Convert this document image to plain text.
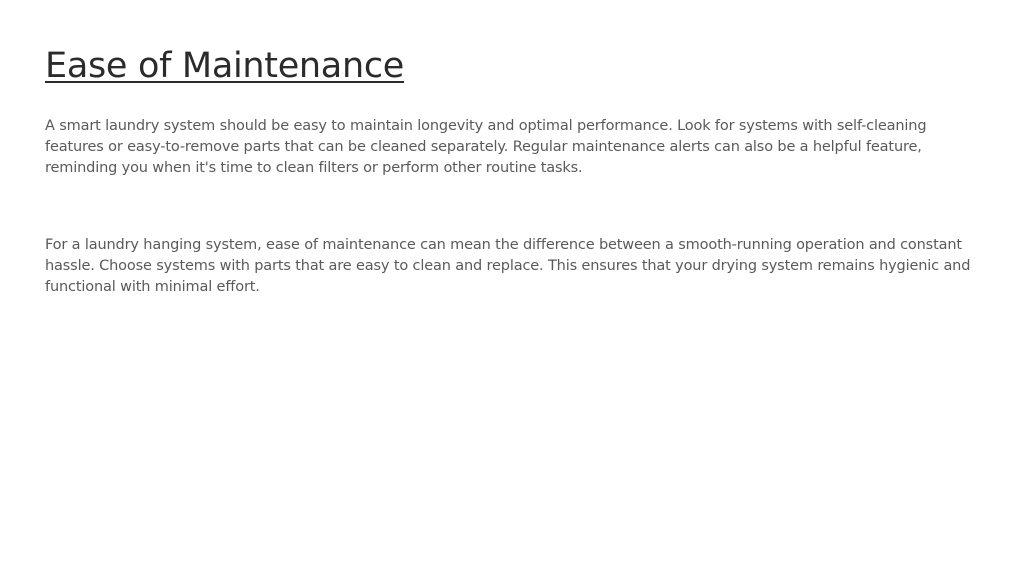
Ease of Maintenance

A smart laundry system should be easy to maintain longevity and optimal performance. Look for systems with self-cleaning features or easy-to-remove parts that can be cleaned separately. Regular maintenance alerts can also be a helpful feature, reminding you when it's time to clean filters or perform other routine tasks.

For a laundry hanging system, ease of maintenance can mean the difference between a smooth-running operation and constant hassle. Choose systems with parts that are easy to clean and replace. This ensures that your drying system remains hygienic and functional with minimal effort.
